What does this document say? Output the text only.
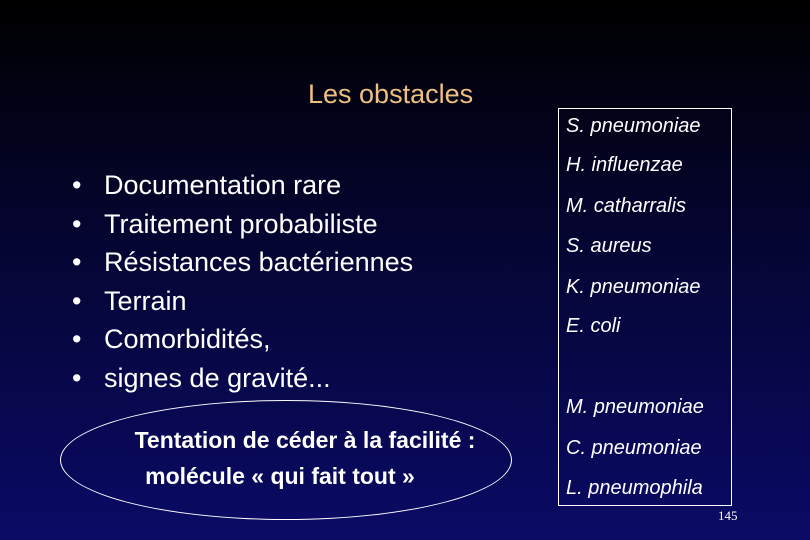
Les obstacles
• Documentation rare
• Traitement probabiliste
• Résistances bactériennes
• Terrain
• Comorbidités,
• signes de gravité...
Tentation de céder à la facilité :
molécule « qui fait tout »
S. pneumoniae
H. influenzae
M. catharralis
S. aureus
K. pneumoniae
E. coli
M. pneumoniae
C. pneumoniae
L. pneumophila
145
